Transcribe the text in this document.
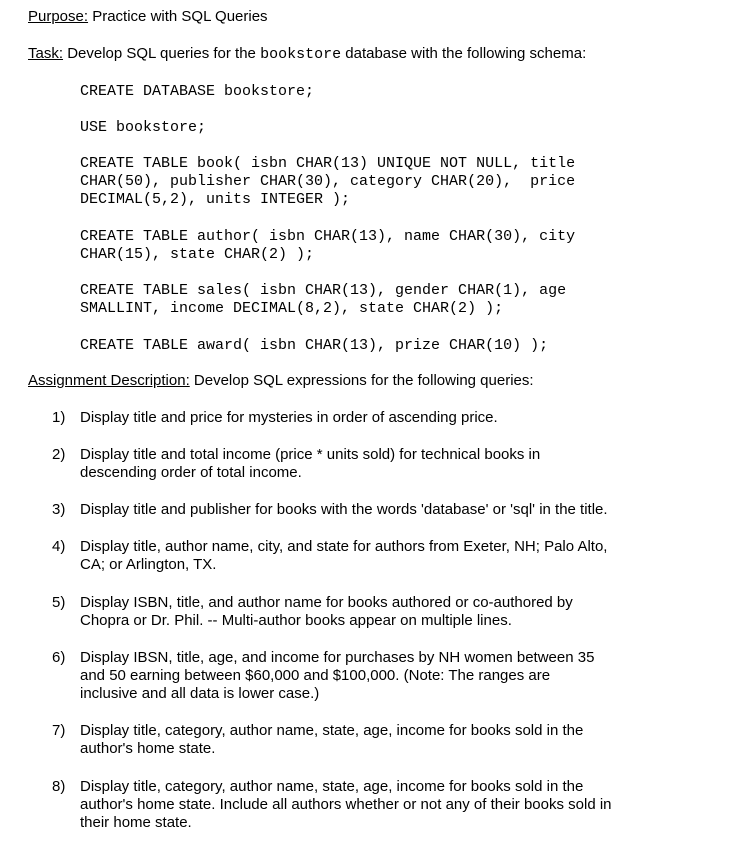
Purpose: Practice with SQL Queries
Task: Develop SQL queries for the bookstore database with the following schema:
CREATE DATABASE bookstore;
USE bookstore;
CREATE TABLE book( isbn CHAR(13) UNIQUE NOT NULL, title
CHAR(50), publisher CHAR(30), category CHAR(20),  price
DECIMAL(5,2), units INTEGER );
CREATE TABLE author( isbn CHAR(13), name CHAR(30), city
CHAR(15), state CHAR(2) );
CREATE TABLE sales( isbn CHAR(13), gender CHAR(1), age
SMALLINT, income DECIMAL(8,2), state CHAR(2) );
CREATE TABLE award( isbn CHAR(13), prize CHAR(10) );
Assignment Description: Develop SQL expressions for the following queries:
1) Display title and price for mysteries in order of ascending price.
2) Display title and total income (price * units sold) for technical books in
descending order of total income.
3) Display title and publisher for books with the words 'database' or 'sql' in the title.
4) Display title, author name, city, and state for authors from Exeter, NH; Palo Alto,
CA; or Arlington, TX.
5) Display ISBN, title, and author name for books authored or co-authored by
Chopra or Dr. Phil. -- Multi-author books appear on multiple lines.
6) Display IBSN, title, age, and income for purchases by NH women between 35
and 50 earning between $60,000 and $100,000. (Note: The ranges are
inclusive and all data is lower case.)
7) Display title, category, author name, state, age, income for books sold in the
author's home state.
8) Display title, category, author name, state, age, income for books sold in the
author's home state. Include all authors whether or not any of their books sold in
their home state.
